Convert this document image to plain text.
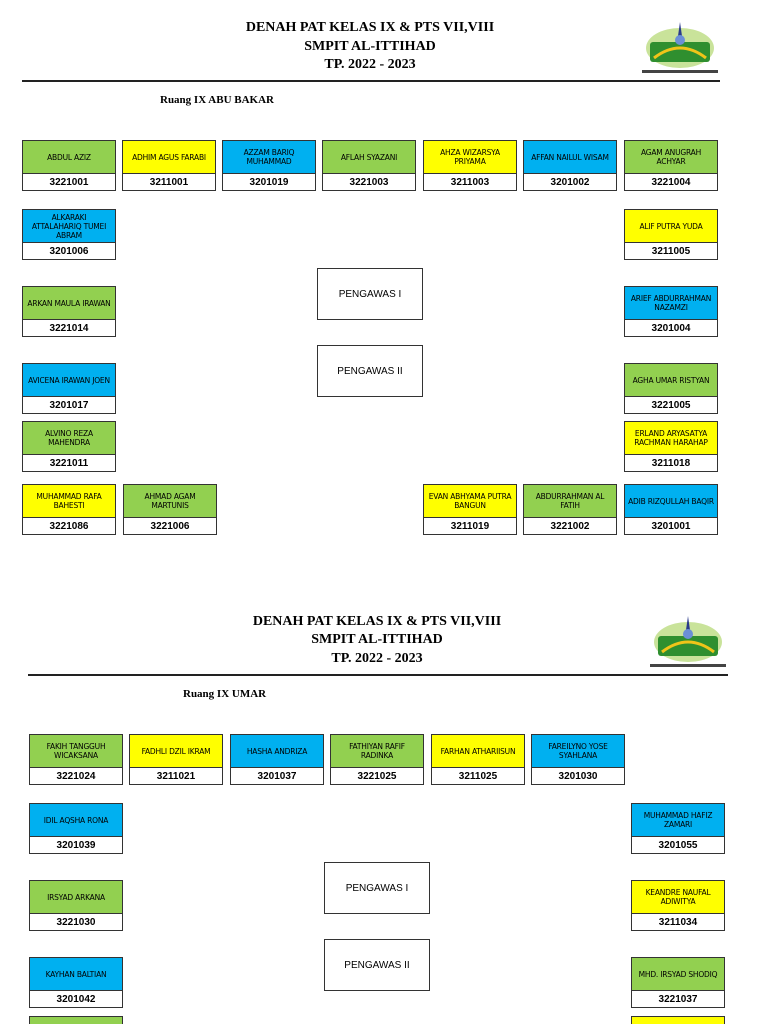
DENAH PAT KELAS IX & PTS VII,VIII
SMPIT AL-ITTIHAD
TP. 2022 - 2023
Ruang IX ABU BAKAR
PENGAWAS I
PENGAWAS II
ABDUL AZIZ
3221001
ADHIM AGUS FARABI
3211001
AZZAM BARIQ MUHAMMAD
3201019
AFLAH SYAZANI
3221003
AHZA WIZARSYA PRIYAMA
3211003
AFFAN NAILUL WISAM
3201002
AGAM ANUGRAH ACHYAR
3221004
ALKARAKI ATTALAHARIQ TUMEI ABRAM
3201006
ALIF PUTRA YUDA
3211005
ARKAN MAULA IRAWAN
3221014
ARIEF ABDURRAHMAN NAZAMZI
3201004
AVICENA IRAWAN JOEN
3201017
AGHA UMAR RISTYAN
3221005
ALVINO REZA MAHENDRA
3221011
ERLAND ARYASATYA RACHMAN HARAHAP
3211018
MUHAMMAD RAFA BAHESTI
3221086
AHMAD AGAM MARTUNIS
3221006
EVAN ABHYAMA PUTRA BANGUN
3211019
ABDURRAHMAN AL FATIH
3221002
ADIB RIZQULLAH BAQIR
3201001
DENAH PAT KELAS IX & PTS VII,VIII
SMPIT AL-ITTIHAD
TP. 2022 - 2023
Ruang IX UMAR
PENGAWAS I
PENGAWAS II
FAKIH TANGGUH WICAKSANA
3221024
FADHLI DZIL IKRAM
3211021
HASHA ANDRIZA
3201037
FATHIYAN RAFIF RADINKA
3221025
FARHAN ATHARIISUN
3211025
FAREILYNO YOSE SYAHLANA
3201030
IDIL AQSHA RONA
3201039
MUHAMMAD HAFIZ ZAMARI
3201055
IRSYAD ARKANA
3221030
KEANDRE NAUFAL ADIWITYA
3211034
KAYHAN BALTIAN
3201042
MHD. IRSYAD SHODIQ
3221037
